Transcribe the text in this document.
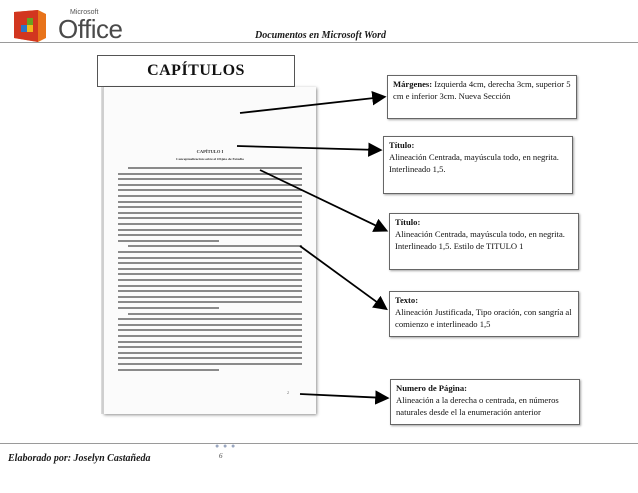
Microsoft
Office	Documentos en Microsoft Word
CAPÍTULOS
CAPÍTULO I
Conceptualización sobre el Objeto de Estudio
2
Márgenes: Izquierda 4cm, derecha 3cm, superior 5 cm e inferior 3cm. Nueva Sección
Título:
Alineación Centrada, mayúscula todo, en negrita. Interlineado 1,5.
Título:
Alineación Centrada, mayúscula todo, en negrita. Interlineado 1,5. Estilo de TITULO 1
Texto:
Alineación Justificada, Tipo oración, con sangría al comienzo e interlineado 1,5
Numero de Página:
Alineación a la derecha o centrada, en números naturales desde el la enumeración anterior
Elaborado por: Joselyn Castañeda
● ● ●
6
